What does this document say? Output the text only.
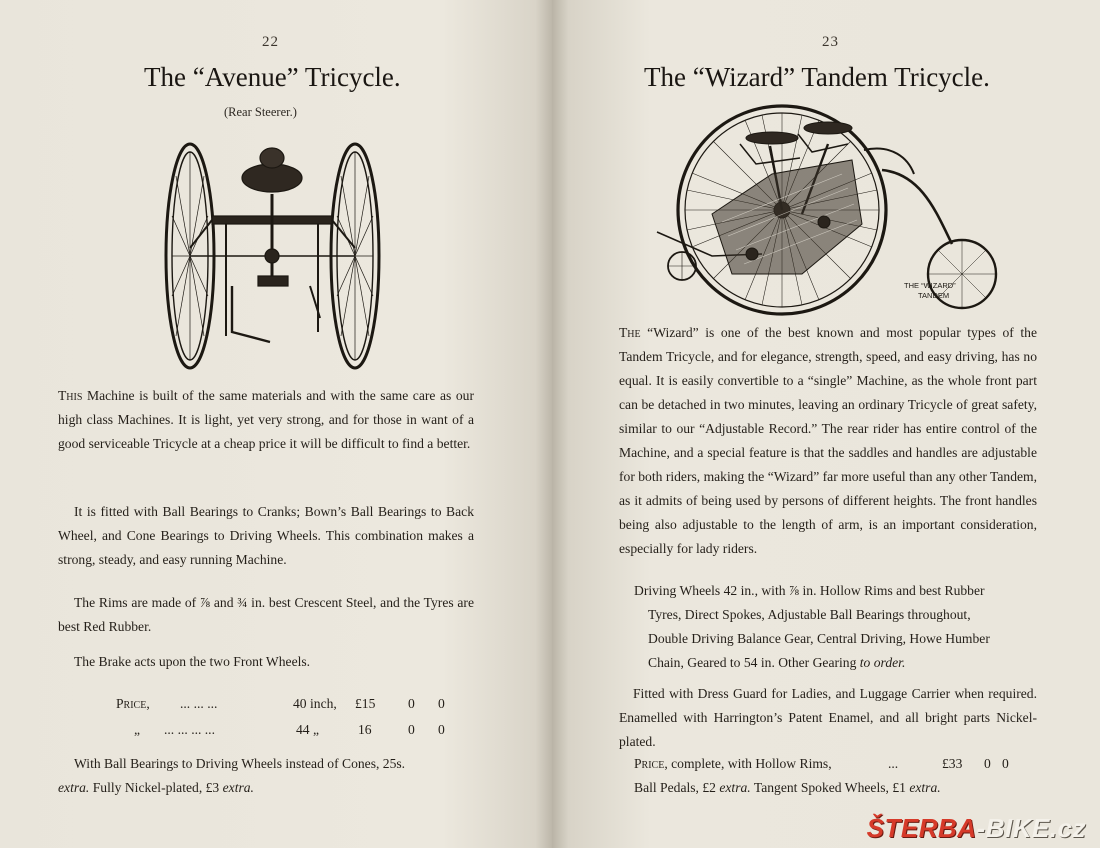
22
The “Avenue” Tricycle.
(Rear Steerer.)

This Machine is built of the same materials and with the same care as our high class Machines. It is light, yet very strong, and for those in want of a good serviceable Tricycle at a cheap price it will be difficult to find a better.

It is fitted with Ball Bearings to Cranks; Bown’s Ball Bearings to Back Wheel, and Cone Bearings to Driving Wheels. This combination makes a strong, steady, and easy running Machine.

The Rims are made of ⅞ and ¾ in. best Crescent Steel, and the Tyres are best Red Rubber.

The Brake acts upon the two Front Wheels.
Price, ... ... ...	40 inch, £15 0 0
„ ... ... ... ...	44 „	16	0 0
With Ball Bearings to Driving Wheels instead of Cones, 25s.
extra. Fully Nickel-plated, £3 extra.
23
The “Wizard” Tandem Tricycle.
THE “WIZARD”
TANDEM

The “Wizard” is one of the best known and most popular types of the Tandem Tricycle, and for elegance, strength, speed, and easy driving, has no equal. It is easily convertible to a “single” Machine, as the whole front part can be detached in two minutes, leaving an ordinary Tricycle of great safety, similar to our “Adjustable Record.” The rear rider has entire control of the Machine, and a special feature is that the saddles and handles are adjustable for both riders, making the “Wizard” far more useful than any other Tandem, as it admits of being used by persons of different heights. The front handles being also adjustable to the length of arm, is an important consideration, especially for lady riders.

Driving Wheels 42 in., with ⅞ in. Hollow Rims and best Rubber
Tyres, Direct Spokes, Adjustable Ball Bearings throughout,
Double Driving Balance Gear, Central Driving, Howe Humber
Chain, Geared to 54 in. Other Gearing to order.

Fitted with Dress Guard for Ladies, and Luggage Carrier when required. Enamelled with Harrington’s Patent Enamel, and all bright parts Nickel-plated.

Price, complete, with Hollow Rims,	...	£33 0 0
Ball Pedals, £2 extra. Tangent Spoked Wheels, £1 extra.
ŠTERBA-BIKE.cz
